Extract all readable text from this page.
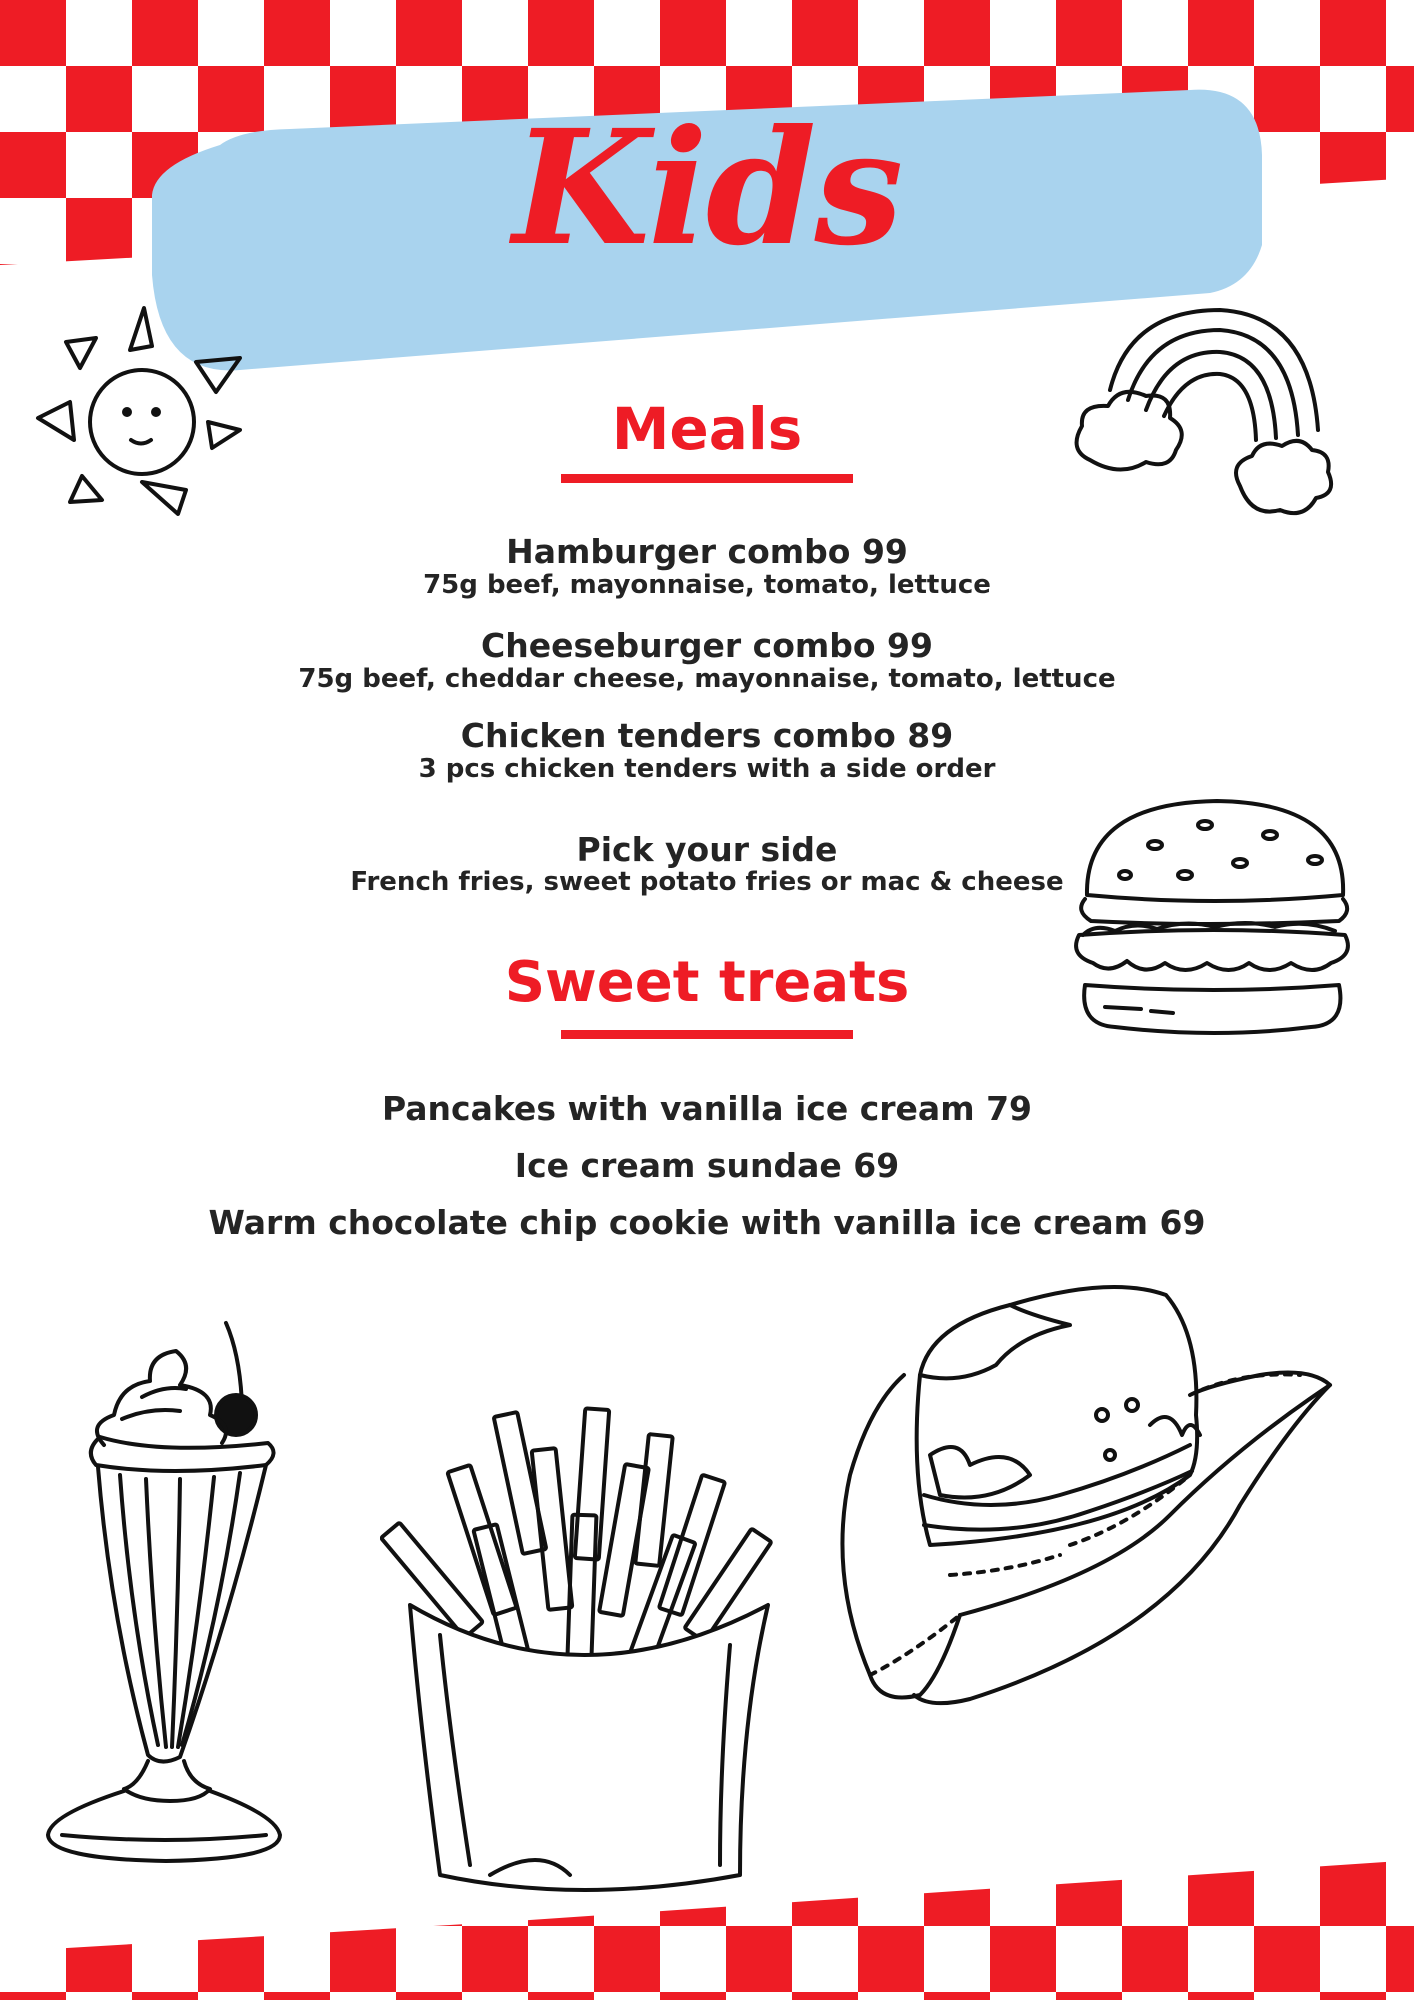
Kids
Meals

Hamburger combo 99

75g beef, mayonnaise, tomato, lettuce

Cheeseburger combo 99

75g beef, cheddar cheese, mayonnaise, tomato, lettuce

Chicken tenders combo 89

3 pcs chicken tenders with a side order

Pick your side

French fries, sweet potato fries or mac & cheese

Sweet treats

Pancakes with vanilla ice cream 79

Ice cream sundae 69

Warm chocolate chip cookie with vanilla ice cream 69
